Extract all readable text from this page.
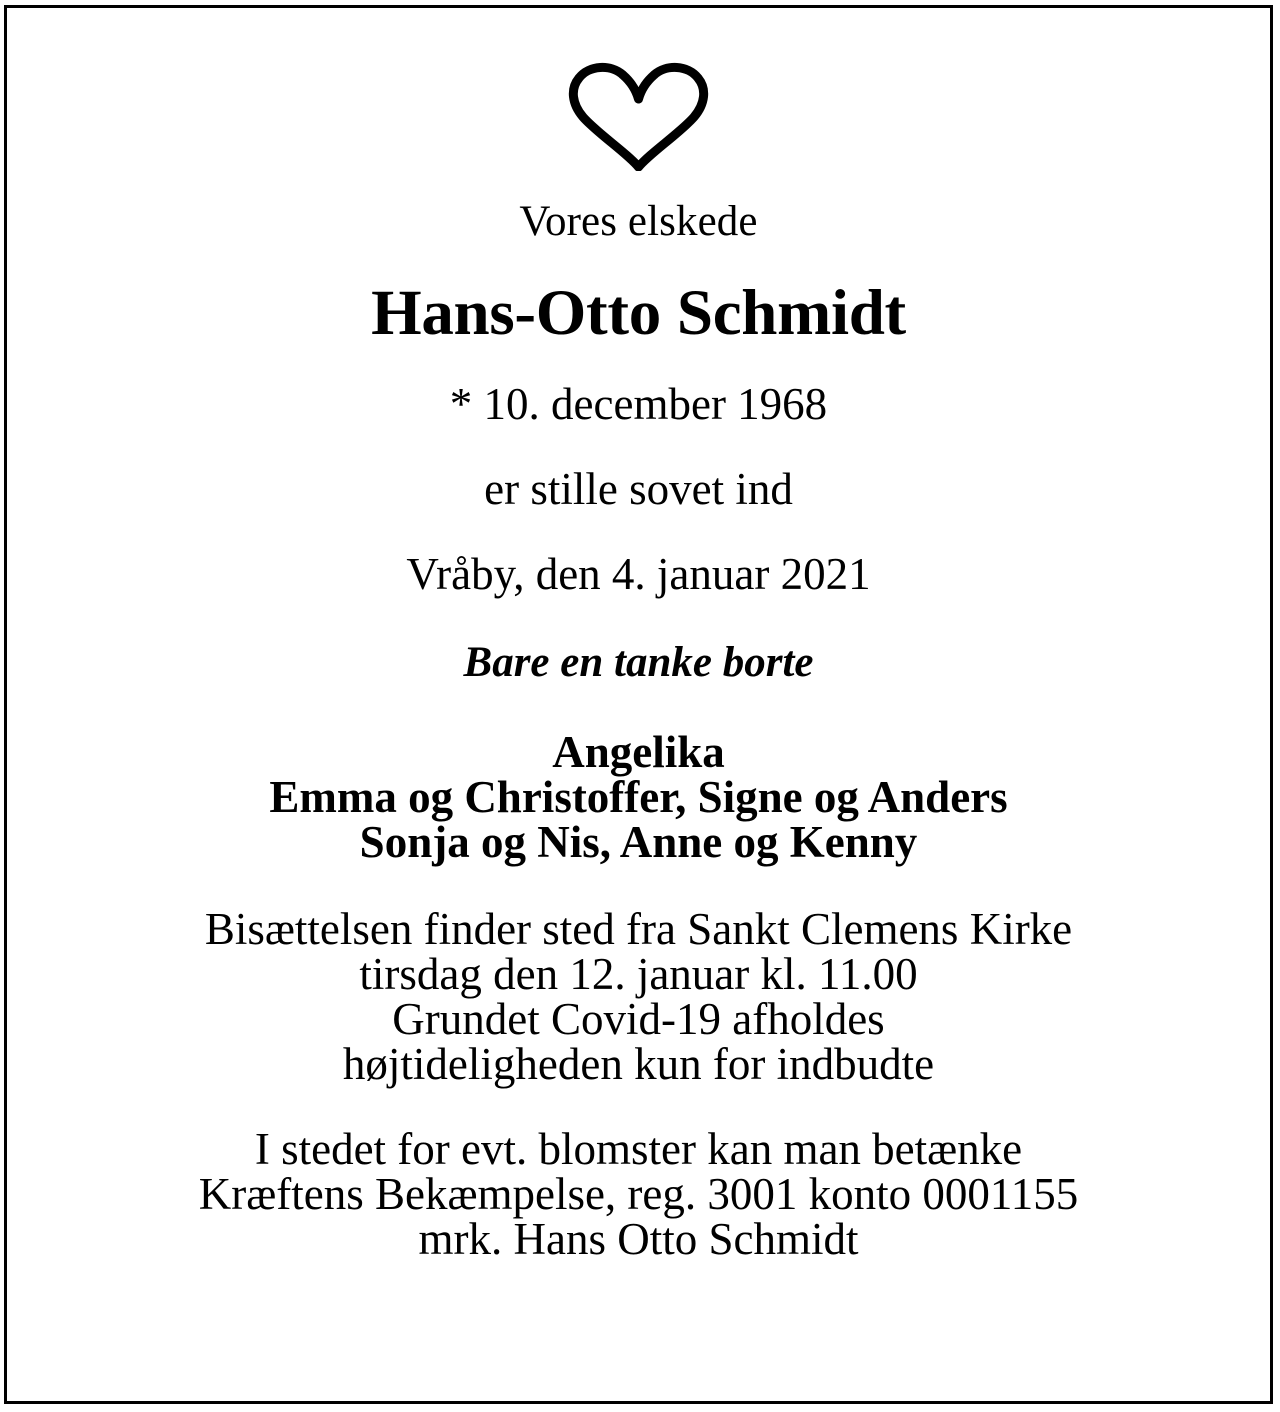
Vores elskede
Hans-Otto Schmidt
* 10. december 1968
er stille sovet ind
Vråby, den 4. januar 2021
Bare en tanke borte
Angelika
Emma og Christoffer, Signe og Anders
Sonja og Nis, Anne og Kenny
Bisættelsen finder sted fra Sankt Clemens Kirke
tirsdag den 12. januar kl. 11.00
Grundet Covid-19 afholdes
højtideligheden kun for indbudte
I stedet for evt. blomster kan man betænke
Kræftens Bekæmpelse, reg. 3001 konto 0001155
mrk. Hans Otto Schmidt
